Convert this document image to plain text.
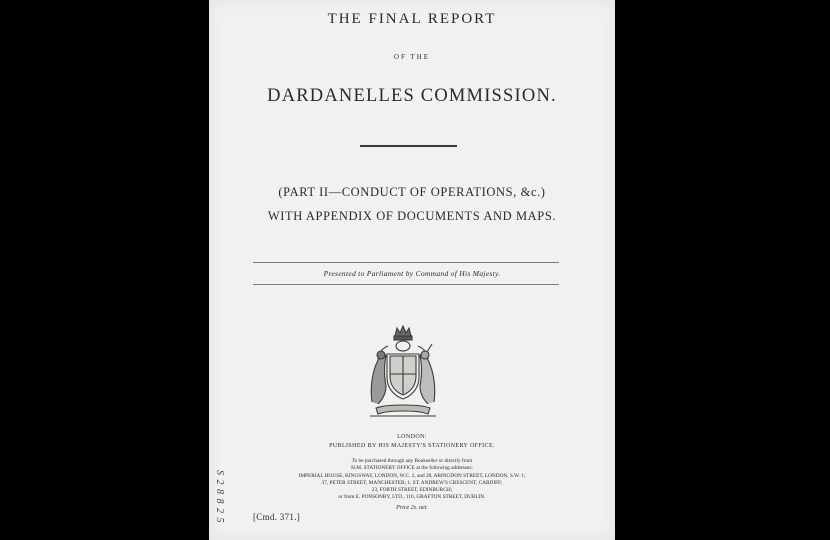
THE FINAL REPORT
OF THE
DARDANELLES COMMISSION.
(PART II—CONDUCT OF OPERATIONS, &c.)
WITH APPENDIX OF DOCUMENTS AND MAPS.
Presented to Parliament by Command of His Majesty.
LONDON:
PUBLISHED BY HIS MAJESTY'S STATIONERY OFFICE.
To be purchased through any Bookseller or directly from
H.M. STATIONERY OFFICE at the following addresses:
IMPERIAL HOUSE, KINGSWAY, LONDON, W.C. 2, and 28, ABINGDON STREET, LONDON, S.W. 1;
37, PETER STREET, MANCHESTER; 1, ST. ANDREW'S CRESCENT, CARDIFF;
23, FORTH STREET, EDINBURGH;
or from E. PONSONBY, LTD., 116, GRAFTON STREET, DUBLIN.
Price 2s. net.
[Cmd. 371.]
S 2 8 8 2 5
